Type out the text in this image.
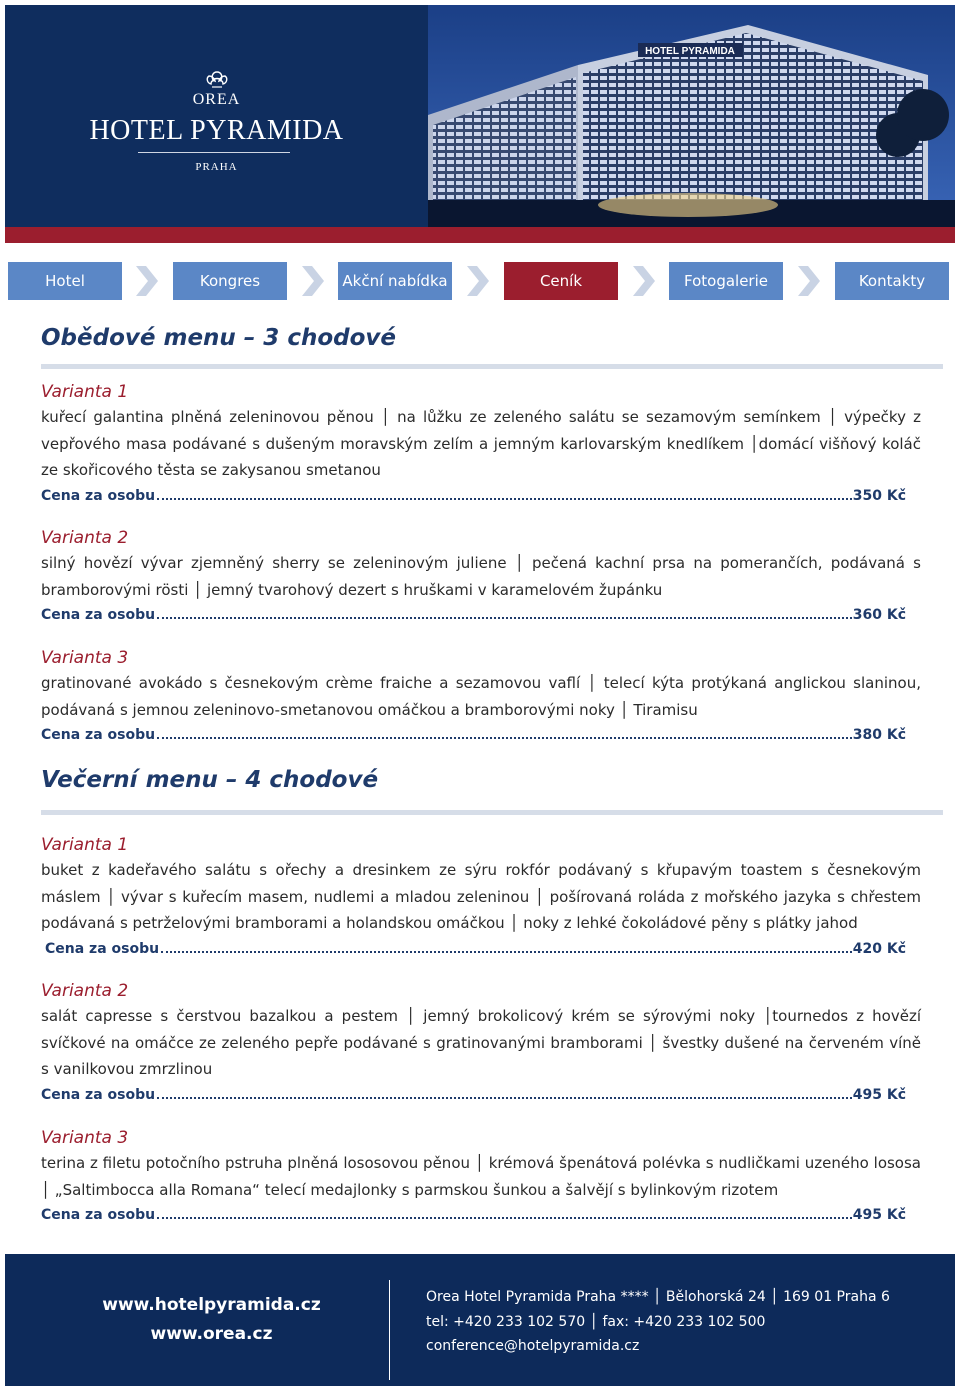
OREA
HOTEL PYRAMIDA
PRAHA
HOTEL PYRAMIDA
Hotel	Kongres	Akční nabídka	Ceník	Fotogalerie	Kontakty
Obědové menu – 3 chodové
Varianta 1
kuřecí galantina plněná zeleninovou pěnou │ na lůžku ze zeleného salátu se sezamovým semínkem │ výpečky z vepřového masa podávané s dušeným moravským zelím a jemným karlovarským knedlíkem │domácí višňový koláč ze skořicového těsta se zakysanou smetanou
Cena za osobu	350 Kč
Varianta 2
silný hovězí vývar zjemněný sherry se zeleninovým juliene │ pečená kachní prsa na pomerančích, podávaná s bramborovými rösti │ jemný tvarohový dezert s hruškami v karamelovém župánku
Cena za osobu	360 Kč
Varianta 3
gratinované avokádo s česnekovým crème fraiche a sezamovou vaflí │ telecí kýta protýkaná anglickou slaninou, podávaná s jemnou zeleninovo-smetanovou omáčkou a bramborovými noky │ Tiramisu
Cena za osobu	380 Kč
Večerní menu – 4 chodové
Varianta 1
buket z kadeřavého salátu s ořechy a dresinkem ze sýru rokfór podávaný s křupavým toastem s česnekovým máslem │ vývar s kuřecím masem, nudlemi a mladou zeleninou │ pošírovaná roláda z mořského jazyka s chřestem podávaná s petrželovými bramborami a holandskou omáčkou │ noky z lehké čokoládové pěny s plátky jahod
Cena za osobu	420 Kč
Varianta 2
salát capresse s čerstvou bazalkou a pestem │ jemný brokolicový krém se sýrovými noky │tournedos z hovězí svíčkové na omáčce ze zeleného pepře podávané s gratinovanými bramborami │ švestky dušené na červeném víně s vanilkovou zmrzlinou
Cena za osobu	495 Kč
Varianta 3
terina z filetu potočního pstruha plněná lososovou pěnou │ krémová špenátová polévka s nudličkami uzeného lososa │ „Saltimbocca alla Romana“ telecí medajlonky s parmskou šunkou a šalvějí s bylinkovým rizotem
Cena za osobu	495 Kč
www.hotelpyramida.cz
www.orea.cz
Orea Hotel Pyramida Praha **** │ Bělohorská 24 │ 169 01 Praha 6
tel: +420 233 102 570 │ fax: +420 233 102 500
conference@hotelpyramida.cz
